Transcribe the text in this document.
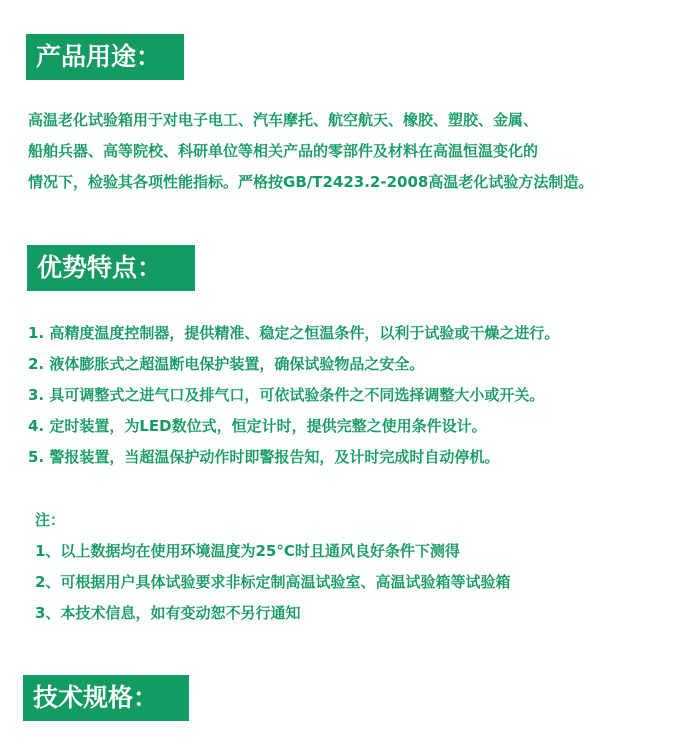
产品用途：
高温老化试验箱用于对电子电工、汽车摩托、航空航天、橡胶、塑胶、金属、
船舶兵器、高等院校、科研单位等相关产品的零部件及材料在高温恒温变化的
情况下，检验其各项性能指标。严格按GB/T2423.2-2008高温老化试验方法制造。
优势特点：
1. 高精度温度控制器，提供精准、稳定之恒温条件，以利于试验或干燥之进行。
2. 液体膨胀式之超温断电保护装置，确保试验物品之安全。
3. 具可调整式之进气口及排气口，可依试验条件之不同选择调整大小或开关。
4. 定时装置，为LED数位式，恒定计时，提供完整之使用条件设计。
5. 警报装置，当超温保护动作时即警报告知，及计时完成时自动停机。
注：
1、以上数据均在使用环境温度为25°C时且通风良好条件下测得
2、可根据用户具体试验要求非标定制高温试验室、高温试验箱等试验箱
3、本技术信息，如有变动恕不另行通知
技术规格：
